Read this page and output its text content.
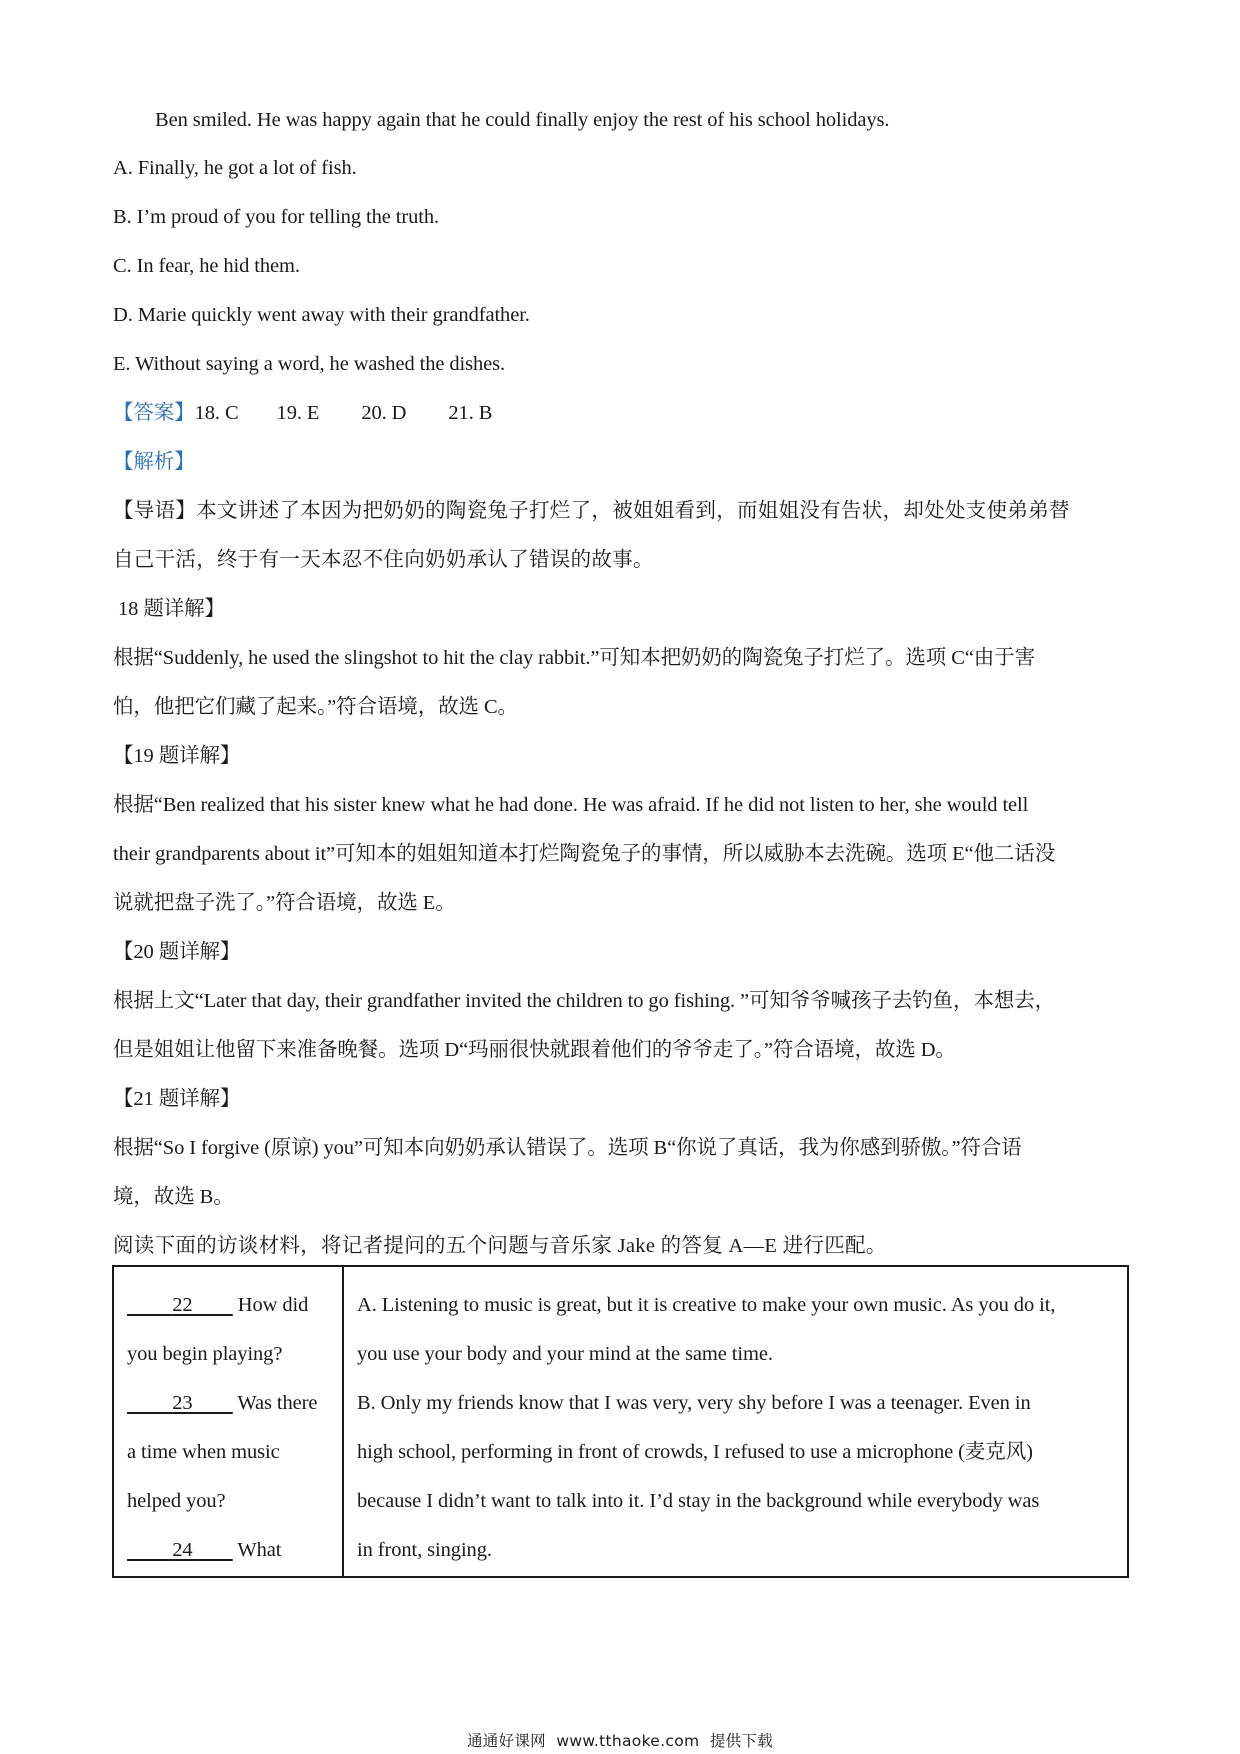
Ben smiled. He was happy again that he could finally enjoy the rest of his school holidays.
A. Finally, he got a lot of fish.
B. I’m proud of you for telling the truth.
C. In fear, he hid them.
D. Marie quickly went away with their grandfather.
E. Without saying a word, he washed the dishes.
【答案】18. C 19. E 20. D 21. B
【解析】
【导语】本文讲述了本因为把奶奶的陶瓷兔子打烂了，被姐姐看到，而姐姐没有告状，却处处支使弟弟替
自己干活，终于有一天本忍不住向奶奶承认了错误的故事。
18 题详解】
根据“Suddenly, he used the slingshot to hit the clay rabbit.”可知本把奶奶的陶瓷兔子打烂了。选项 C“由于害
怕，他把它们藏了起来。”符合语境，故选 C。
【19 题详解】
根据“Ben realized that his sister knew what he had done. He was afraid. If he did not listen to her, she would tell
their grandparents about it”可知本的姐姐知道本打烂陶瓷兔子的事情，所以威胁本去洗碗。选项 E“他二话没
说就把盘子洗了。”符合语境，故选 E。
【20 题详解】
根据上文“Later that day, their grandfather invited the children to go fishing. ”可知爷爷喊孩子去钓鱼，本想去，
但是姐姐让他留下来准备晚餐。选项 D“玛丽很快就跟着他们的爷爷走了。”符合语境，故选 D。
【21 题详解】
根据“So I forgive (原谅) you”可知本向奶奶承认错误了。选项 B“你说了真话，我为你感到骄傲。”符合语
境，故选 B。
阅读下面的访谈材料，将记者提问的五个问题与音乐家 Jake 的答复 A—E 进行匹配。
22 How did
you begin playing?
23 Was there
a time when music
helped you?
24 What

A. Listening to music is great, but it is creative to make your own music. As you do it,
you use your body and your mind at the same time.
B. Only my friends know that I was very, very shy before I was a teenager. Even in
high school, performing in front of crowds, I refused to use a microphone (麦克风)
because I didn’t want to talk into it. I’d stay in the background while everybody was
in front, singing.
通通好课网  www.tthaoke.com  提供下载
